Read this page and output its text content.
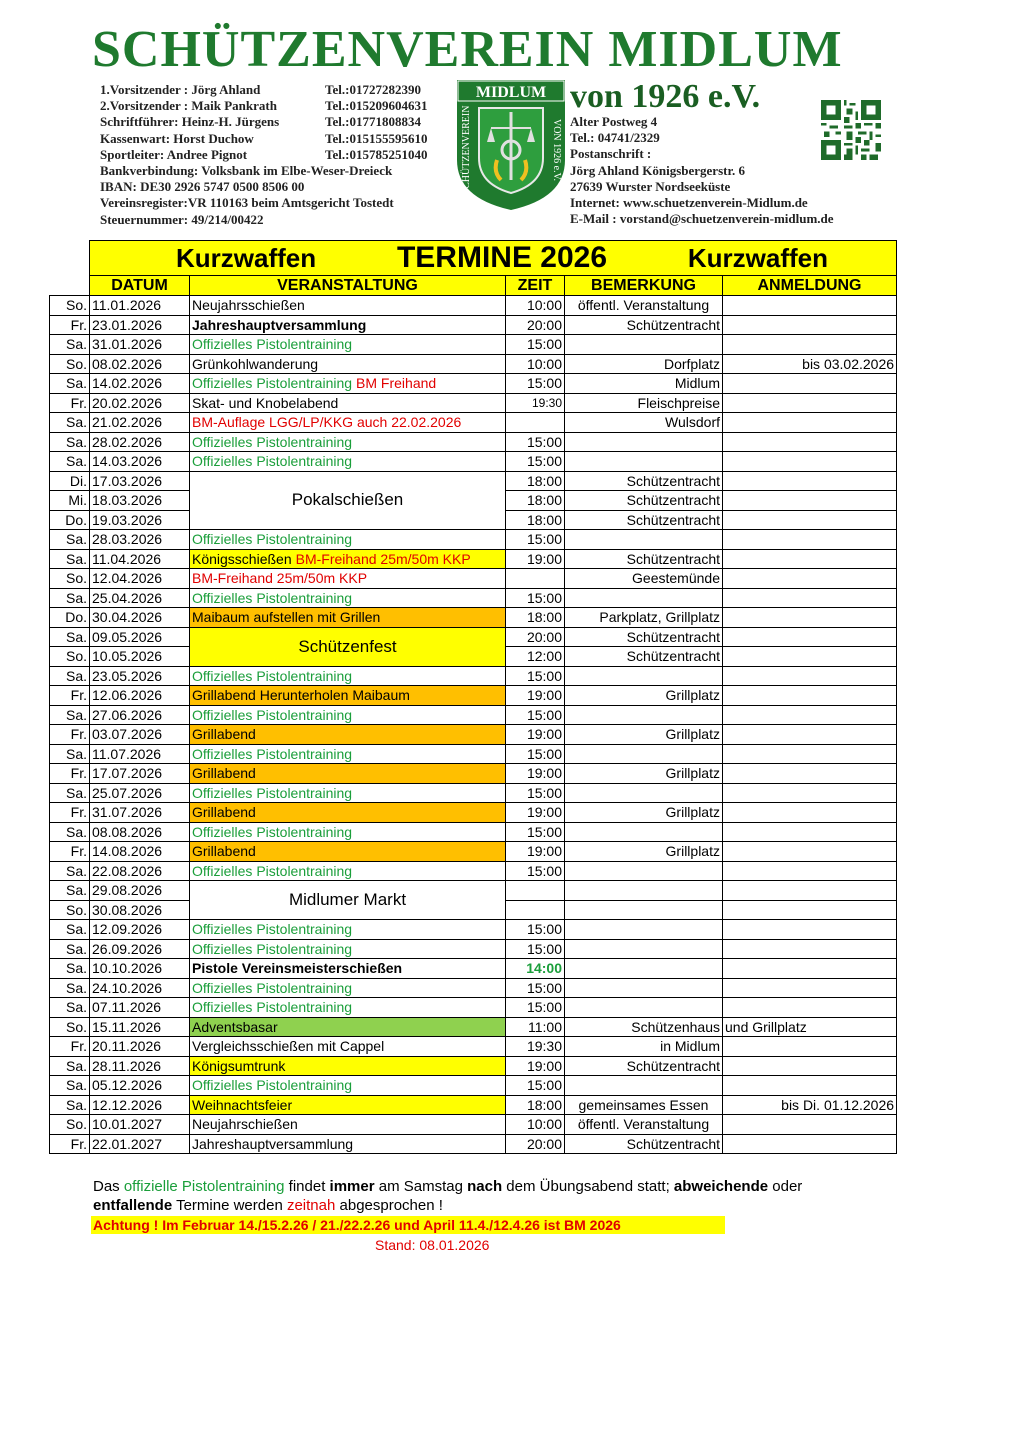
SCHÜTZENVEREIN MIDLUM
1.Vorsitzender : Jörg Ahland	Tel.:01727282390
2.Vorsitzender : Maik Pankrath	Tel.:015209604631
Schriftführer: Heinz-H. Jürgens	Tel.:01771808834
Kassenwart: Horst Duchow	Tel.:015155595610
Sportleiter: Andree Pignot	Tel.:015785251040
Bankverbindung: Volksbank im Elbe-Weser-Dreieck
IBAN: DE30 2926 5747 0500 8506 00
Vereinsregister:VR 110163 beim Amtsgericht Tostedt
Steuernummer: 49/214/00422
MIDLUM
SCHÜTZENVEREIN	VON 1926 e.V.
von 1926 e.V.
Alter Postweg 4
Tel.: 04741/2329
Postanschrift :
Jörg Ahland Königsbergerstr. 6
27639 Wurster Nordseeküste
Internet: www.schuetzenverein-Midlum.de
E-Mail : vorstand@schuetzenverein-midlum.de

	Kurzwaffen TERMINE 2026 Kurzwaffen				

	DATUM	VERANSTALTUNG	ZEIT	BEMERKUNG	ANMELDUNG
So.	11.01.2026	Neujahrsschießen	10:00	öffentl. Veranstaltung	
Fr.	23.01.2026	Jahreshauptversammlung	20:00	Schützentracht	
Sa.	31.01.2026	Offizielles Pistolentraining	15:00		
So.	08.02.2026	Grünkohlwanderung	10:00	Dorfplatz	bis 03.02.2026
Sa.	14.02.2026	Offizielles Pistolentraining BM Freihand	15:00	Midlum	
Fr.	20.02.2026	Skat- und Knobelabend	19:30	Fleischpreise	
Sa.	21.02.2026	BM-Auflage LGG/LP/KKG auch 22.02.2026		Wulsdorf	
Sa.	28.02.2026	Offizielles Pistolentraining	15:00		
Sa.	14.03.2026	Offizielles Pistolentraining	15:00		
Di.	17.03.2026	Pokalschießen	18:00	Schützentracht	
Mi.	18.03.2026		18:00	Schützentracht	
Do.	19.03.2026		18:00	Schützentracht	
Sa.	28.03.2026	Offizielles Pistolentraining	15:00		
Sa.	11.04.2026	Königsschießen BM-Freihand 25m/50m KKP	19:00	Schützentracht	
So.	12.04.2026	BM-Freihand 25m/50m KKP		Geestemünde	
Sa.	25.04.2026	Offizielles Pistolentraining	15:00		
Do.	30.04.2026	Maibaum aufstellen mit Grillen	18:00	Parkplatz, Grillplatz	
Sa.	09.05.2026	Schützenfest	20:00	Schützentracht	
So.	10.05.2026		12:00	Schützentracht	
Sa.	23.05.2026	Offizielles Pistolentraining	15:00		
Fr.	12.06.2026	Grillabend Herunterholen Maibaum	19:00	Grillplatz	
Sa.	27.06.2026	Offizielles Pistolentraining	15:00		
Fr.	03.07.2026	Grillabend	19:00	Grillplatz	
Sa.	11.07.2026	Offizielles Pistolentraining	15:00		
Fr.	17.07.2026	Grillabend	19:00	Grillplatz	
Sa.	25.07.2026	Offizielles Pistolentraining	15:00		
Fr.	31.07.2026	Grillabend	19:00	Grillplatz	
Sa.	08.08.2026	Offizielles Pistolentraining	15:00		
Fr.	14.08.2026	Grillabend	19:00	Grillplatz	
Sa.	22.08.2026	Offizielles Pistolentraining	15:00		
Sa.	29.08.2026	Midlumer Markt			
So.	30.08.2026				
Sa.	12.09.2026	Offizielles Pistolentraining	15:00		
Sa.	26.09.2026	Offizielles Pistolentraining	15:00		
Sa.	10.10.2026	Pistole Vereinsmeisterschießen	14:00		
Sa.	24.10.2026	Offizielles Pistolentraining	15:00		
Sa.	07.11.2026	Offizielles Pistolentraining	15:00		
So.	15.11.2026	Adventsbasar	11:00	Schützenhaus	und Grillplatz
Fr.	20.11.2026	Vergleichsschießen mit Cappel	19:30	in Midlum	
Sa.	28.11.2026	Königsumtrunk	19:00	Schützentracht	
Sa.	05.12.2026	Offizielles Pistolentraining	15:00		
Sa.	12.12.2026	Weihnachtsfeier	18:00	gemeinsames Essen	bis Di. 01.12.2026
So.	10.01.2027	Neujahrschießen	10:00	öffentl. Veranstaltung	
Fr.	22.01.2027	Jahreshauptversammlung	20:00	Schützentracht	
Das offizielle Pistolentraining findet immer am Samstag nach dem Übungsabend statt; abweichende oder
entfallende Termine werden zeitnah abgesprochen !
Achtung ! Im Februar 14./15.2.26 / 21./22.2.26 und April 11.4./12.4.26 ist BM 2026
Stand: 08.01.2026
